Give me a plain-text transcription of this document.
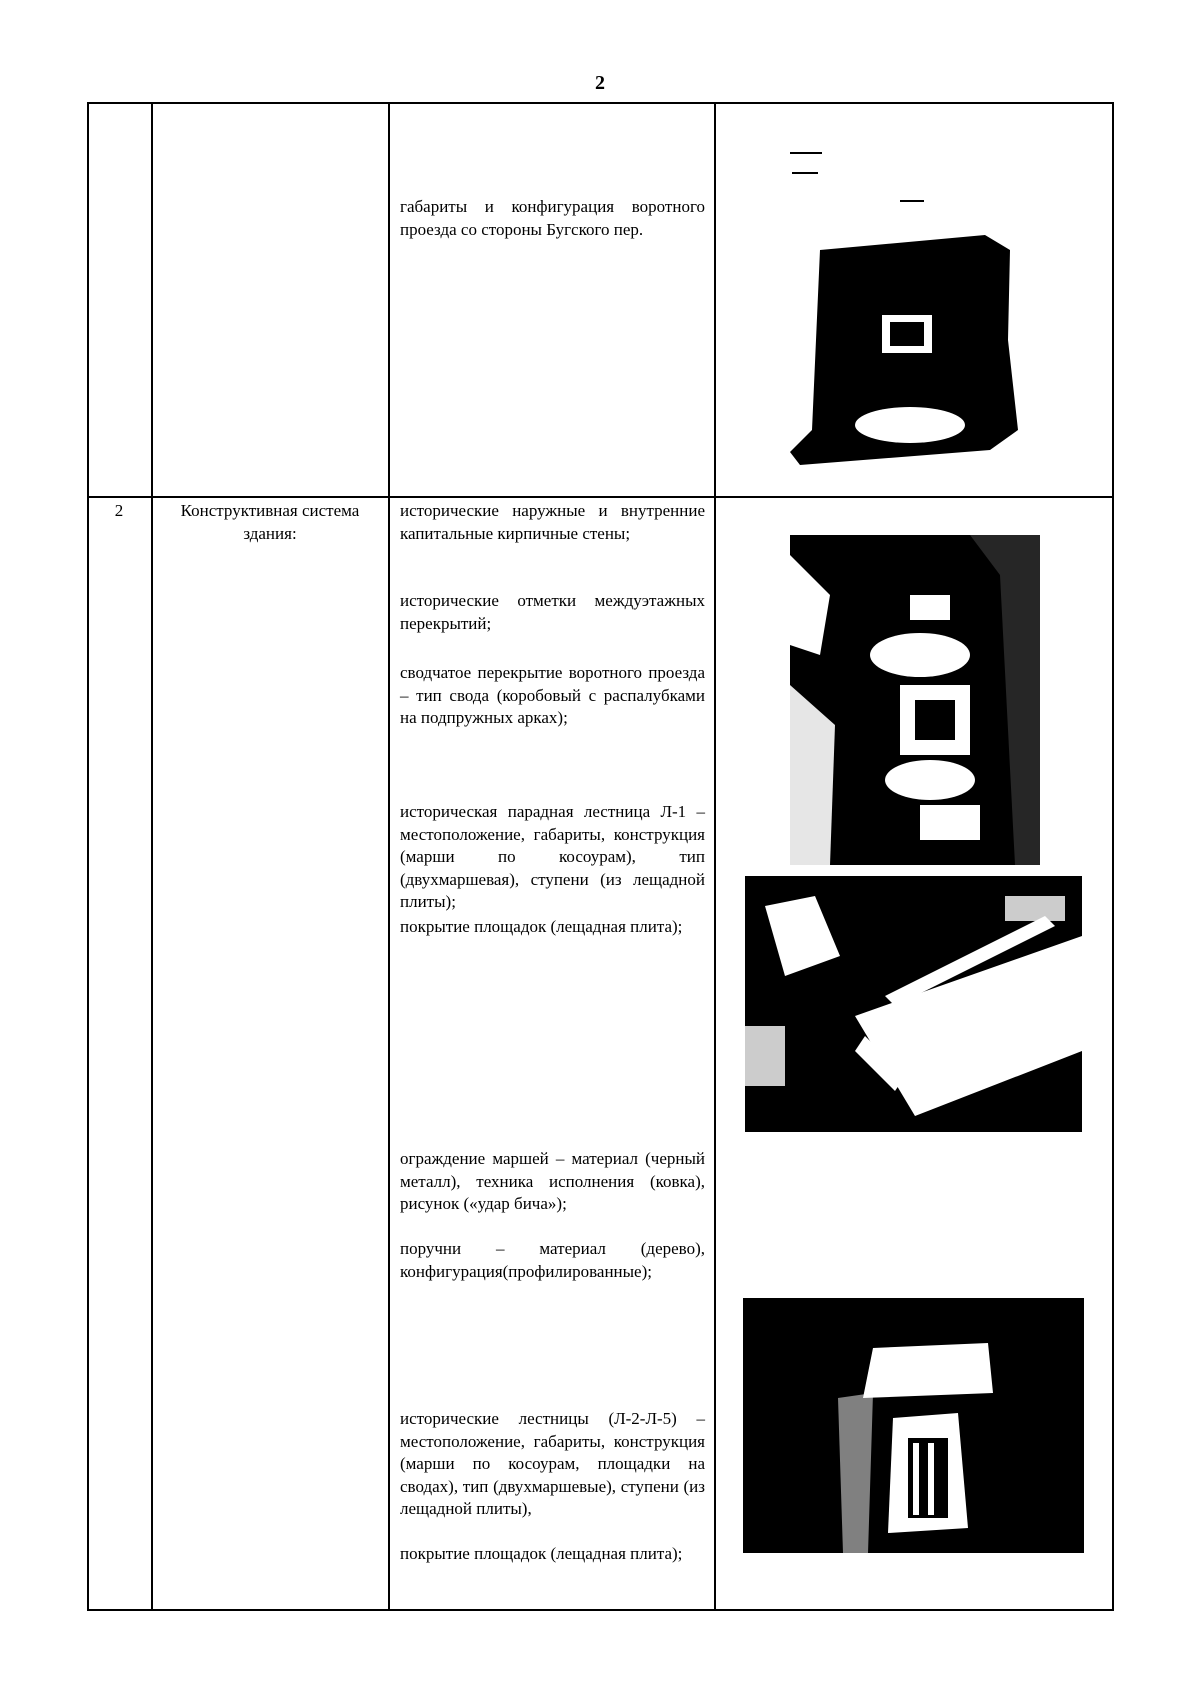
2
габариты и конфигурация воротного проезда со стороны Бугского пер.
2	Конструктивная система здания:
исторические наружные и внутренние капитальные кирпичные стены;
исторические отметки междуэтажных перекрытий;
сводчатое перекрытие воротного проезда – тип свода (коробовый с распалубками на подпружных арках);
историческая парадная лестница Л-1 – местоположение, габариты, конструкция (марши по косоурам), тип (двухмаршевая), ступени (из лещадной плиты);
покрытие площадок (лещадная плита);
ограждение маршей – материал (черный металл), техника исполнения (ковка), рисунок («удар бича»);
поручни – материал (дерево), конфигурация(профилированные);
исторические лестницы (Л-2-Л-5) – местоположение, габариты, конструкция (марши по косоурам, площадки на сводах), тип (двухмаршевые), ступени (из лещадной плиты),
покрытие площадок (лещадная плита);
